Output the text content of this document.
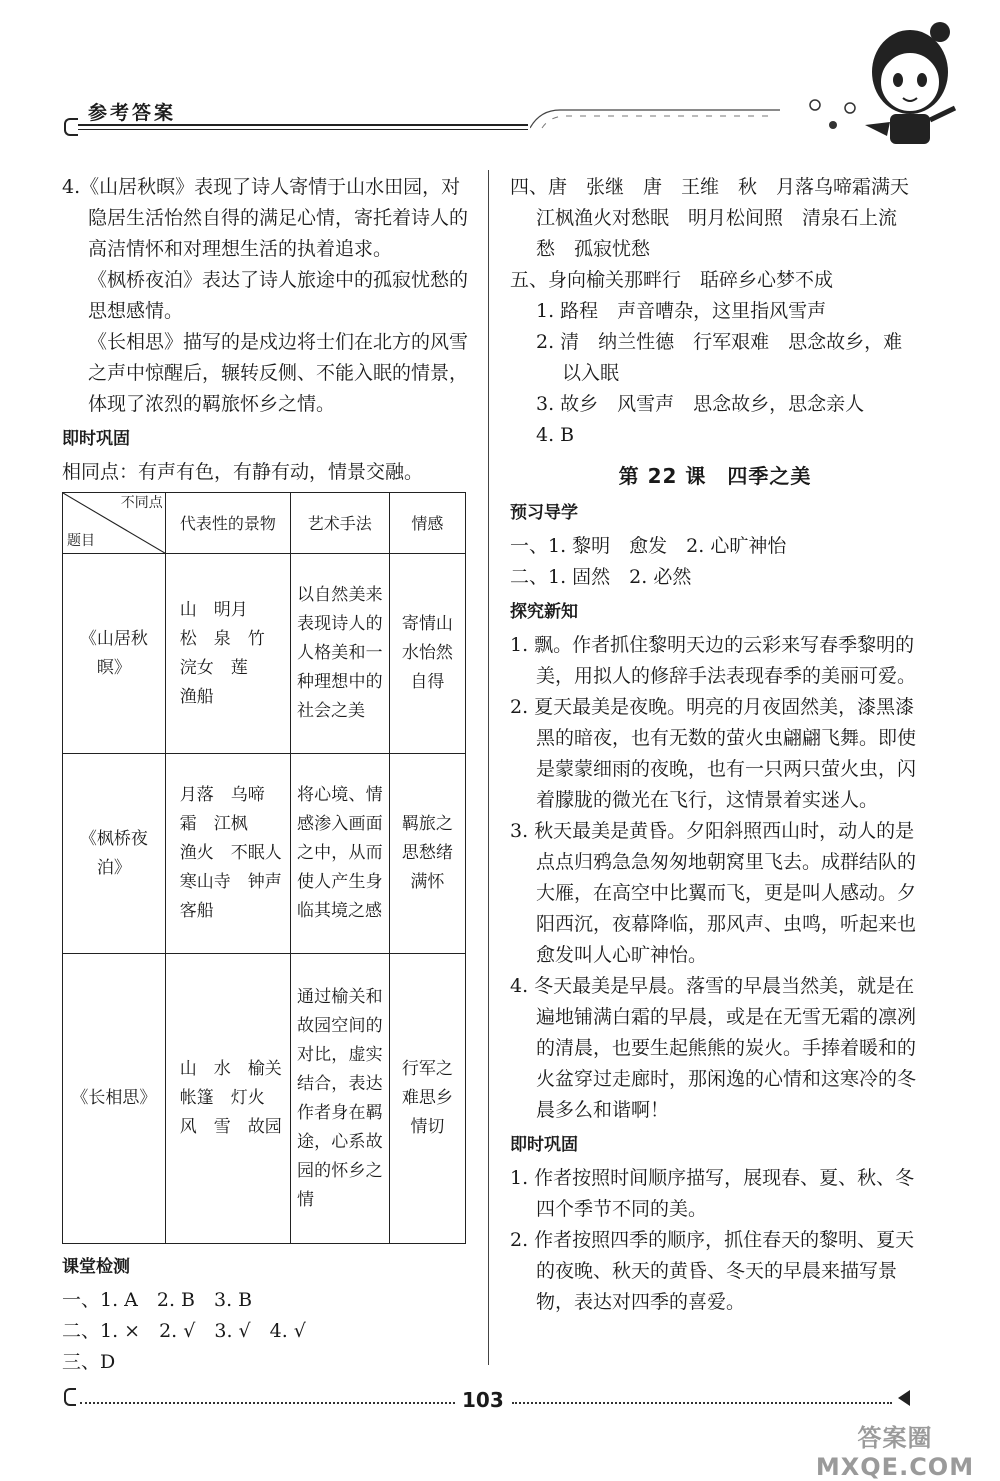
参考答案

4.《山居秋暝》表现了诗人寄情于山水田园，对隐居生活怡然自得的满足心情，寄托着诗人的高洁情怀和对理想生活的执着追求。

《枫桥夜泊》表达了诗人旅途中的孤寂忧愁的思想感情。

《长相思》描写的是戍边将士们在北方的风雪之声中惊醒后，辗转反侧、不能入眠的情景，体现了浓烈的羁旅怀乡之情。

即时巩固

相同点：有声有色，有静有动，情景交融。

不同点
题目	代表性的景物	艺术手法	情感
《山居秋暝》	山　明月
松　泉　竹
浣女　莲
渔船	以自然美来表现诗人的人格美和一种理想中的社会之美	寄情山水怡然自得
《枫桥夜泊》	月落　乌啼
霜　江枫
渔火　不眠人
寒山寺　钟声
客船	将心境、情感渗入画面之中，从而使人产生身临其境之感	羁旅之思愁绪满怀
《长相思》	山　水　榆关
帐篷　灯火
风　雪　故园	通过榆关和故园空间的对比，虚实结合，表达作者身在羁途，心系故园的怀乡之情	行军之难思乡情切
课堂检测

一、1. A　2. B　3. B

二、1. ×　2. √　3. √　4. √

三、D

四、唐　张继　唐　王维　秋　月落乌啼霜满天　江枫渔火对愁眠　明月松间照　清泉石上流　愁　孤寂忧愁

五、身向榆关那畔行　聒碎乡心梦不成

1. 路程　声音嘈杂，这里指风雪声

2. 清　纳兰性德　行军艰难　思念故乡，难以入眠

3. 故乡　风雪声　思念故乡，思念亲人

4. B

第 22 课　四季之美
预习导学

一、1. 黎明　愈发　2. 心旷神怡

二、1. 固然　2. 必然

探究新知

1. 飘。作者抓住黎明天边的云彩来写春季黎明的美，用拟人的修辞手法表现春季的美丽可爱。

2. 夏天最美是夜晚。明亮的月夜固然美，漆黑漆黑的暗夜，也有无数的萤火虫翩翩飞舞。即使是蒙蒙细雨的夜晚，也有一只两只萤火虫，闪着朦胧的微光在飞行，这情景着实迷人。

3. 秋天最美是黄昏。夕阳斜照西山时，动人的是点点归鸦急急匆匆地朝窝里飞去。成群结队的大雁，在高空中比翼而飞，更是叫人感动。夕阳西沉，夜幕降临，那风声、虫鸣，听起来也愈发叫人心旷神怡。

4. 冬天最美是早晨。落雪的早晨当然美，就是在遍地铺满白霜的早晨，或是在无雪无霜的凛冽的清晨，也要生起熊熊的炭火。手捧着暖和的火盆穿过走廊时，那闲逸的心情和这寒冷的冬晨多么和谐啊！

即时巩固

1. 作者按照时间顺序描写，展现春、夏、秋、冬四个季节不同的美。

2. 作者按照四季的顺序，抓住春天的黎明、夏天的夜晚、秋天的黄昏、冬天的早晨来描写景物，表达对四季的喜爱。

103
答案圈 MXQE.COM
